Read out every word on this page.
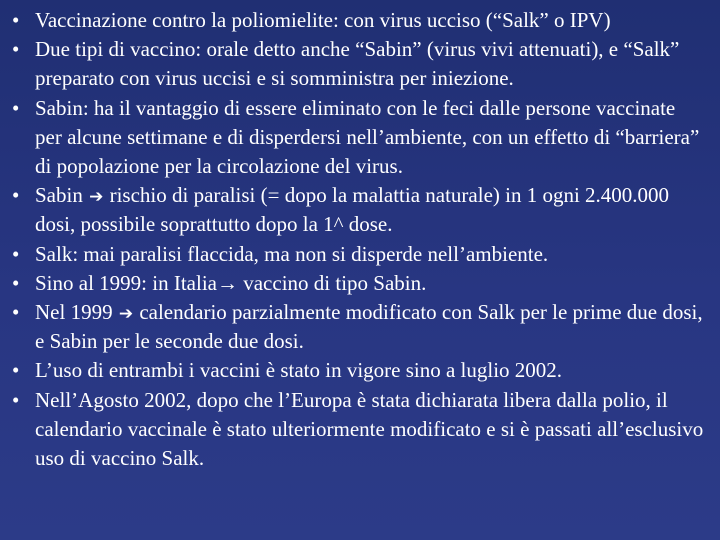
• Vaccinazione contro la poliomielite: con virus ucciso (“Salk” o IPV)
• Due tipi di vaccino: orale detto anche “Sabin” (virus vivi attenuati), e “Salk” preparato con virus uccisi e si somministra per iniezione.
• Sabin: ha il vantaggio di essere eliminato con le feci dalle persone vaccinate per alcune settimane e di disperdersi nell’ambiente, con un effetto di “barriera” di popolazione per la circolazione del virus.
• Sabin ➔ rischio di paralisi (= dopo la malattia naturale) in 1 ogni 2.400.000 dosi, possibile soprattutto dopo la 1^ dose.
• Salk: mai paralisi flaccida, ma non si disperde nell’ambiente.
• Sino al 1999: in Italia→ vaccino di tipo Sabin.
• Nel 1999 ➔ calendario parzialmente modificato con Salk per le prime due dosi, e Sabin per le seconde due dosi.
• L’uso di entrambi i vaccini è stato in vigore sino a luglio 2002.
• Nell’Agosto 2002, dopo che l’Europa è stata dichiarata libera dalla polio, il calendario vaccinale è stato ulteriormente modificato e si è passati all’esclusivo uso di vaccino Salk.
